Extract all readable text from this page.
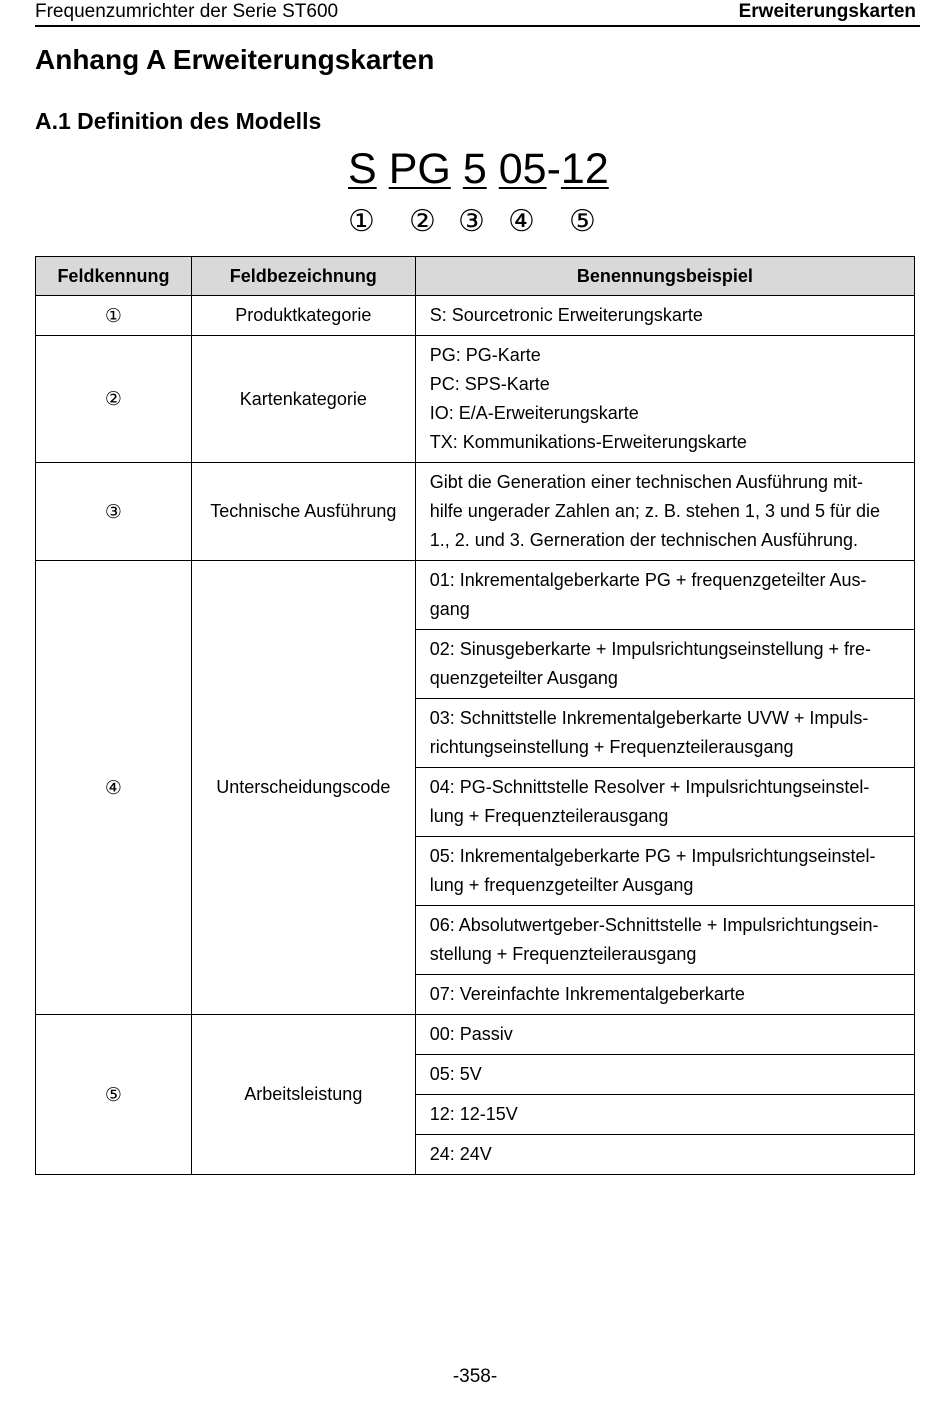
Frequenzumrichter der Serie ST600	Erweiterungskarten
Anhang A Erweiterungskarten
A.1 Definition des Modells
S PG 5 05-12
① ② ③ ④ ⑤
Feldkennung	Feldbezeichnung	Benennungsbeispiel
①	Produktkategorie	S: Sourcetronic Erweiterungskarte

②	Kartenkategorie	PG: PG-Karte
PC: SPS-Karte
IO: E/A-Erweiterungskarte
TX: Kommunikations-Erweiterungskarte

③	Technische Ausführung	Gibt die Generation einer technischen Ausführung mit-
hilfe ungerader Zahlen an; z. B. stehen 1, 3 und 5 für die
1., 2. und 3. Gerneration der technischen Ausführung.

④	Unterscheidungscode	01: Inkrementalgeberkarte PG + frequenzgeteilter Aus-
gang

		02: Sinusgeberkarte + Impulsrichtungseinstellung + fre-
quenzgeteilter Ausgang

		03: Schnittstelle Inkrementalgeberkarte UVW + Impuls-
richtungseinstellung + Frequenzteilerausgang

		04: PG-Schnittstelle Resolver + Impulsrichtungseinstel-
lung + Frequenzteilerausgang

		05: Inkrementalgeberkarte PG + Impulsrichtungseinstel-
lung + frequenzgeteilter Ausgang

		06: Absolutwertgeber-Schnittstelle + Impulsrichtungsein-
stellung + Frequenzteilerausgang

		07: Vereinfachte Inkrementalgeberkarte

⑤	Arbeitsleistung	00: Passiv

		05: 5V

		12: 12-15V

		24: 24V
-358-
